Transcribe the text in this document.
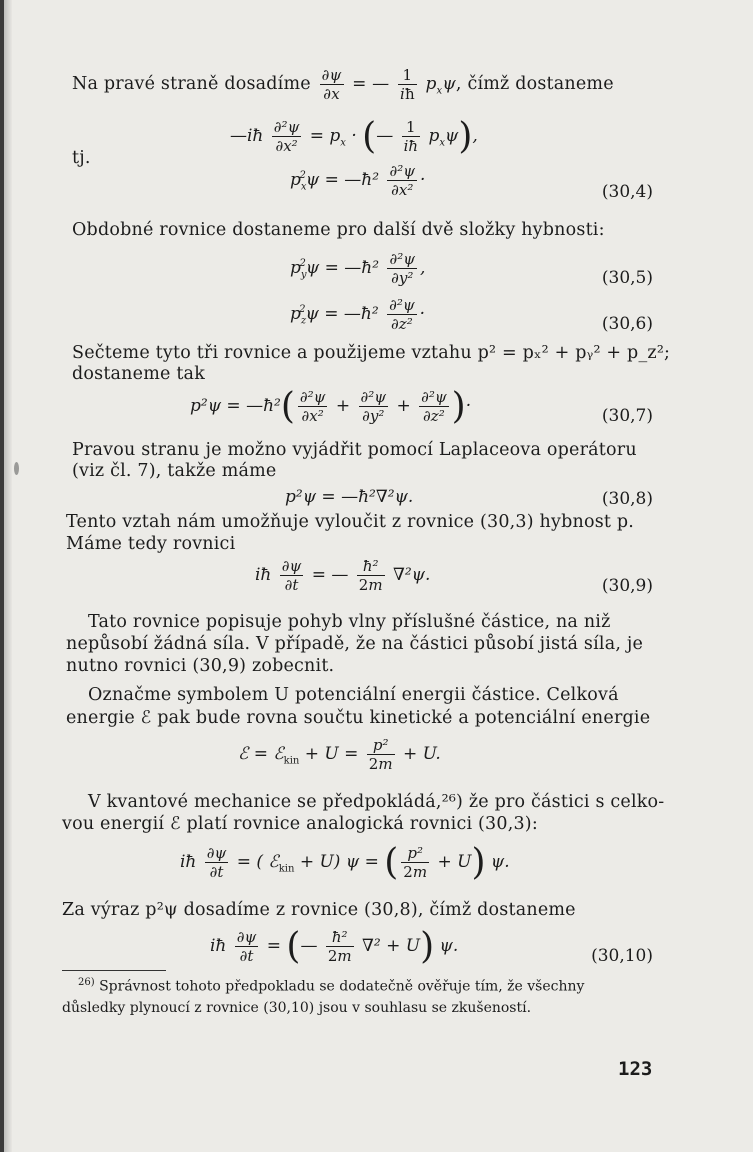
Na pravé straně dosadíme $\frac{\partial\psi}{\partial x}$ = — $\frac{1}{iħ} p_x\psi$, čímž dostaneme
—iħ $\frac{\text{∂²ψ}}{\text{∂x²}} = p_x$ · (— $\frac{1}{iħ} p_x\psi$),
tj.
$p_x^2\psi$ = —ħ² $\frac{\text{∂²ψ}}{\text{∂x²}}$ ·
(30,4)
Obdobné rovnice dostaneme pro další dvě složky hybnosti:
$p_y^2\psi$ = —ħ² $\frac{\text{∂²ψ}}{\text{∂y²}}$ ,	(30,5)
$p_z^2\psi$ = —ħ² $\frac{\text{∂²ψ}}{\text{∂z²}}$ ·	(30,6)
Sečteme tyto tři rovnice a použijeme vztahu p² = pₓ² + pᵧ² + p_z²;
dostaneme tak
p²ψ = —ħ²( $\frac{\text{∂²ψ}}{\text{∂x²}} + \frac{\text{∂²ψ}}{\text{∂y²}} + \frac{\text{∂²ψ}}{\text{∂z²}}$ )·	(30,7)
Pravou stranu je možno vyjádřit pomocí Laplaceova operátoru
(viz čl. 7), takže máme
p²ψ = —ħ²∇²ψ.	(30,8)
Tento vztah nám umožňuje vyloučit z rovnice (30,3) hybnost p.
Máme tedy rovnici
iħ $\frac{\partial\psi}{\partial t}$ = — $\frac{\text{ħ²}}{2m} \nabla^2\psi$.
(30,9)
Tato rovnice popisuje pohyb vlny příslušné částice, na niž
nepůsobí žádná síla. V případě, že na částici působí jistá síla, je
nutno rovnici (30,9) zobecnit.
Označme symbolem U potenciální energii částice. Celková
energie ℰ pak bude rovna součtu kinetické a potenciální energie
ℰ = ℰ$_{kin}$ + $U = \frac{\text{p²}}{2m} + U$.
V kvantové mechanice se předpokládá,²⁶) že pro částici s celko-
vou energií ℰ platí rovnice analogická rovnici (30,3):
iħ $\frac{\partial\psi}{\partial t}$ = ( ℰ$_{kin}$ + U) ψ = ( $\frac{\text{p²}}{2m} + U$) ψ.
Za výraz p²ψ dosadíme z rovnice (30,8), čímž dostaneme
iħ $\frac{\partial\psi}{\partial t}$ = (— $\frac{\text{ħ²}}{2m} \nabla^2 + U$) ψ.	(30,10)
$^{26)}$ Správnost tohoto předpokladu se dodatečně ověřuje tím, že všechny
důsledky plynoucí z rovnice (30,10) jsou v souhlasu se zkušeností.
123
